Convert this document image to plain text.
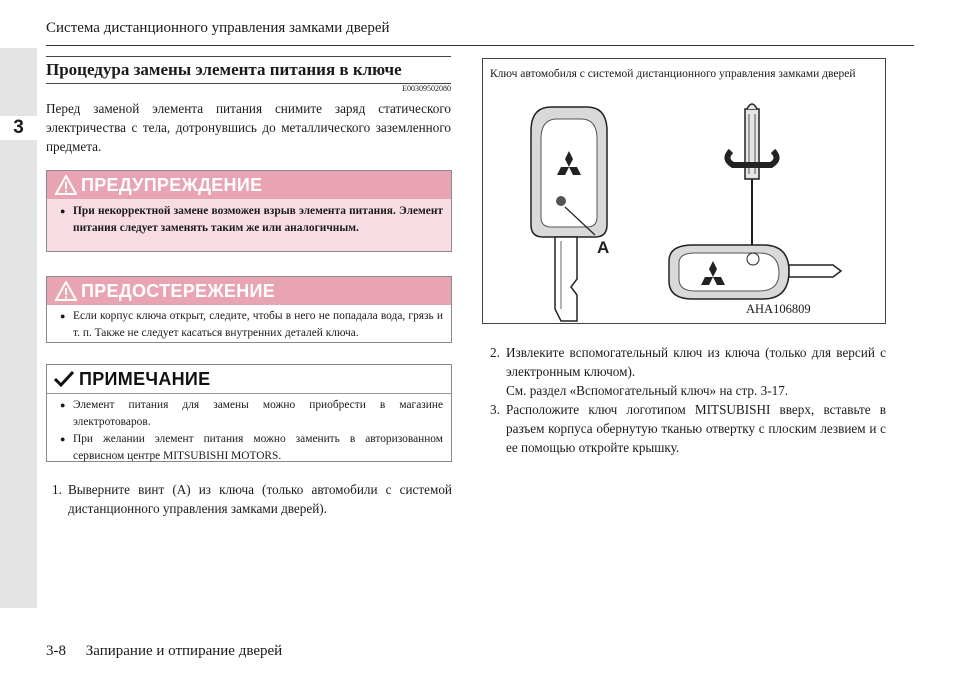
3
Система дистанционного управления замками дверей
Процедура замены элемента питания в ключе
E00309502080
Перед заменой элемента питания снимите заряд статического электричества с тела, дотронувшись до металлического заземленного предмета.
ПРЕДУПРЕЖДЕНИЕ
● При некорректной замене возможен взрыв элемента питания. Элемент питания следует заменять таким же или аналогичным.
ПРЕДОСТЕРЕЖЕНИЕ
● Если корпус ключа открыт, следите, чтобы в него не попадала вода, грязь и т. п. Также не следует касаться внутренних деталей ключа.
ПРИМЕЧАНИЕ
● Элемент питания для замены можно приобрести в магазине электротоваров.
● При желании элемент питания можно заменить в авторизованном сервисном центре MITSUBISHI MOTORS.
1. Выверните винт (A) из ключа (только автомобили с системой дистанционного управления замками дверей).
A
Ключ автомобиля с системой дистанционного управления замками дверей
AHA106809
2. Извлеките вспомогательный ключ из ключа (только для версий с электронным ключом).
См. раздел «Вспомогательный ключ» на стр. 3-17.
3. Расположите ключ логотипом MITSUBISHI вверх, вставьте в разъем корпуса обернутую тканью отвертку с плоским лезвием и с ее помощью откройте крышку.
3-8 Запирание и отпирание дверей
